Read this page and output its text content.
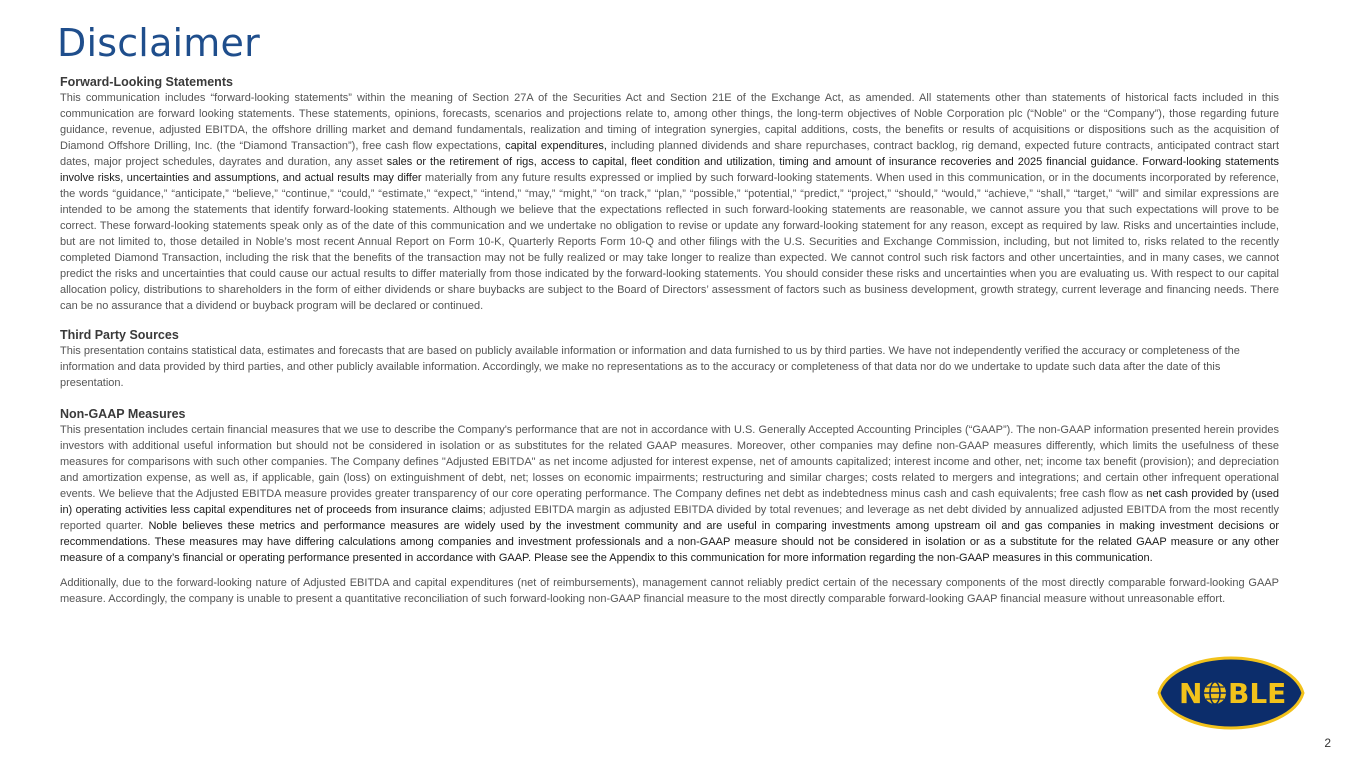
Disclaimer

Forward-Looking Statements

This communication includes “forward-looking statements” within the meaning of Section 27A of the Securities Act and Section 21E of the Exchange Act, as amended. All statements other than statements of historical facts included in this communication are forward looking statements. These statements, opinions, forecasts, scenarios and projections relate to, among other things, the long-term objectives of Noble Corporation plc (“Noble” or the “Company”), those regarding future guidance, revenue, adjusted EBITDA, the offshore drilling market and demand fundamentals, realization and timing of integration synergies, capital additions, costs, the benefits or results of acquisitions or dispositions such as the acquisition of Diamond Offshore Drilling, Inc. (the “Diamond Transaction”), free cash flow expectations, capital expenditures, including planned dividends and share repurchases, contract backlog, rig demand, expected future contracts, anticipated contract start dates, major project schedules, dayrates and duration, any asset sales or the retirement of rigs, access to capital, fleet condition and utilization, timing and amount of insurance recoveries and 2025 financial guidance. Forward-looking statements involve risks, uncertainties and assumptions, and actual results may differ materially from any future results expressed or implied by such forward-looking statements. When used in this communication, or in the documents incorporated by reference, the words “guidance,” “anticipate,” “believe,” “continue,” “could,” “estimate,” “expect,” “intend,” “may,” “might,” “on track,” “plan,” “possible,” “potential,” “predict,” “project,” “should,” “would,” “achieve,” “shall,” “target,” “will” and similar expressions are intended to be among the statements that identify forward-looking statements. Although we believe that the expectations reflected in such forward-looking statements are reasonable, we cannot assure you that such expectations will prove to be correct. These forward-looking statements speak only as of the date of this communication and we undertake no obligation to revise or update any forward-looking statement for any reason, except as required by law. Risks and uncertainties include, but are not limited to, those detailed in Noble’s most recent Annual Report on Form 10-K, Quarterly Reports Form 10-Q and other filings with the U.S. Securities and Exchange Commission, including, but not limited to, risks related to the recently completed Diamond Transaction, including the risk that the benefits of the transaction may not be fully realized or may take longer to realize than expected. We cannot control such risk factors and other uncertainties, and in many cases, we cannot predict the risks and uncertainties that could cause our actual results to differ materially from those indicated by the forward-looking statements. You should consider these risks and uncertainties when you are evaluating us. With respect to our capital allocation policy, distributions to shareholders in the form of either dividends or share buybacks are subject to the Board of Directors’ assessment of factors such as business development, growth strategy, current leverage and financing needs. There can be no assurance that a dividend or buyback program will be declared or continued.

Third Party Sources

This presentation contains statistical data, estimates and forecasts that are based on publicly available information or information and data furnished to us by third parties. We have not independently verified the accuracy or completeness of the information and data provided by third parties, and other publicly available information. Accordingly, we make no representations as to the accuracy or completeness of that data nor do we undertake to update such data after the date of this presentation.

Non-GAAP Measures

This presentation includes certain financial measures that we use to describe the Company's performance that are not in accordance with U.S. Generally Accepted Accounting Principles (“GAAP”). The non-GAAP information presented herein provides investors with additional useful information but should not be considered in isolation or as substitutes for the related GAAP measures. Moreover, other companies may define non-GAAP measures differently, which limits the usefulness of these measures for comparisons with such other companies. The Company defines "Adjusted EBITDA" as net income adjusted for interest expense, net of amounts capitalized; interest income and other, net; income tax benefit (provision); and depreciation and amortization expense, as well as, if applicable, gain (loss) on extinguishment of debt, net; losses on economic impairments; restructuring and similar charges; costs related to mergers and integrations; and certain other infrequent operational events. We believe that the Adjusted EBITDA measure provides greater transparency of our core operating performance. The Company defines net debt as indebtedness minus cash and cash equivalents; free cash flow as net cash provided by (used in) operating activities less capital expenditures net of proceeds from insurance claims; adjusted EBITDA margin as adjusted EBITDA divided by total revenues; and leverage as net debt divided by annualized adjusted EBITDA from the most recently reported quarter. Noble believes these metrics and performance measures are widely used by the investment community and are useful in comparing investments among upstream oil and gas companies in making investment decisions or recommendations. These measures may have differing calculations among companies and investment professionals and a non-GAAP measure should not be considered in isolation or as a substitute for the related GAAP measure or any other measure of a company’s financial or operating performance presented in accordance with GAAP. Please see the Appendix to this communication for more information regarding the non-GAAP measures in this communication.

Additionally, due to the forward-looking nature of Adjusted EBITDA and capital expenditures (net of reimbursements), management cannot reliably predict certain of the necessary components of the most directly comparable forward-looking GAAP measure. Accordingly, the company is unable to present a quantitative reconciliation of such forward-looking non-GAAP financial measure to the most directly comparable forward-looking GAAP financial measure without unreasonable effort.

N BLE
2
